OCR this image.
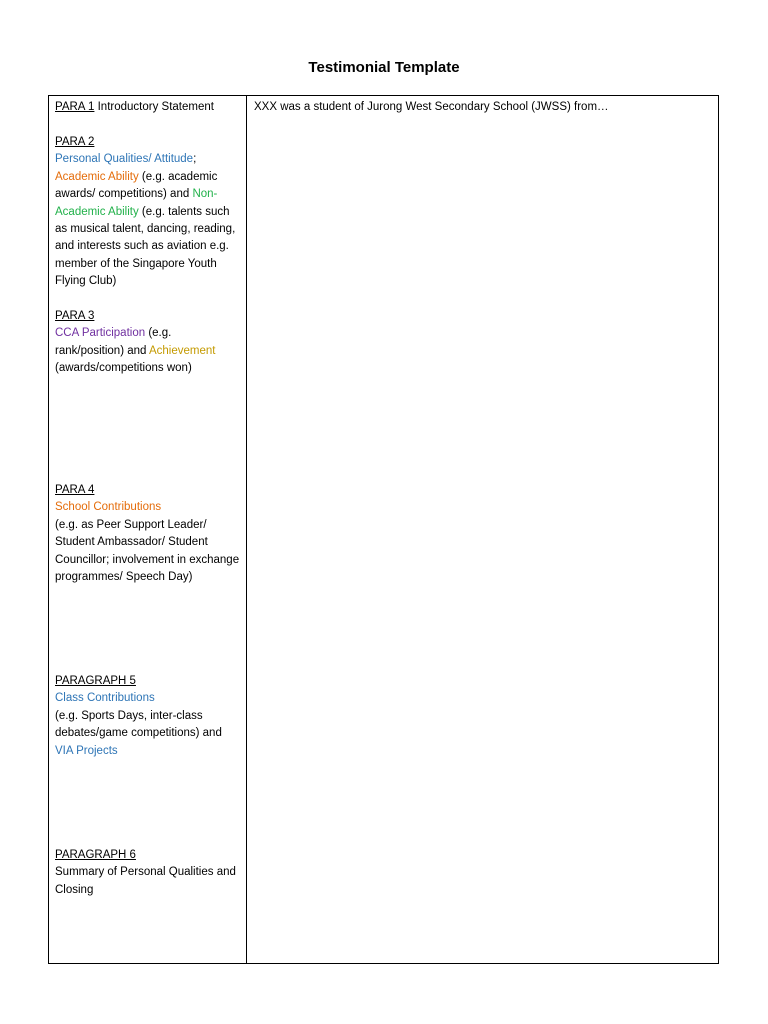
Testimonial Template
PARA 1 Introductory Statement
PARA 2
Personal Qualities/ Attitude; Academic Ability (e.g. academic awards/ competitions) and Non-Academic Ability (e.g. talents such as musical talent, dancing, reading, and interests such as aviation e.g. member of the Singapore Youth Flying Club)
PARA 3
CCA Participation (e.g. rank/position) and Achievement
(awards/competitions won)
PARA 4
School Contributions
(e.g. as Peer Support Leader/ Student Ambassador/ Student Councillor; involvement in exchange programmes/ Speech Day)
PARAGRAPH 5
Class Contributions
(e.g. Sports Days, inter-class debates/game competitions) and VIA Projects
PARAGRAPH 6
Summary of Personal Qualities and Closing
XXX was a student of Jurong West Secondary School (JWSS) from…
